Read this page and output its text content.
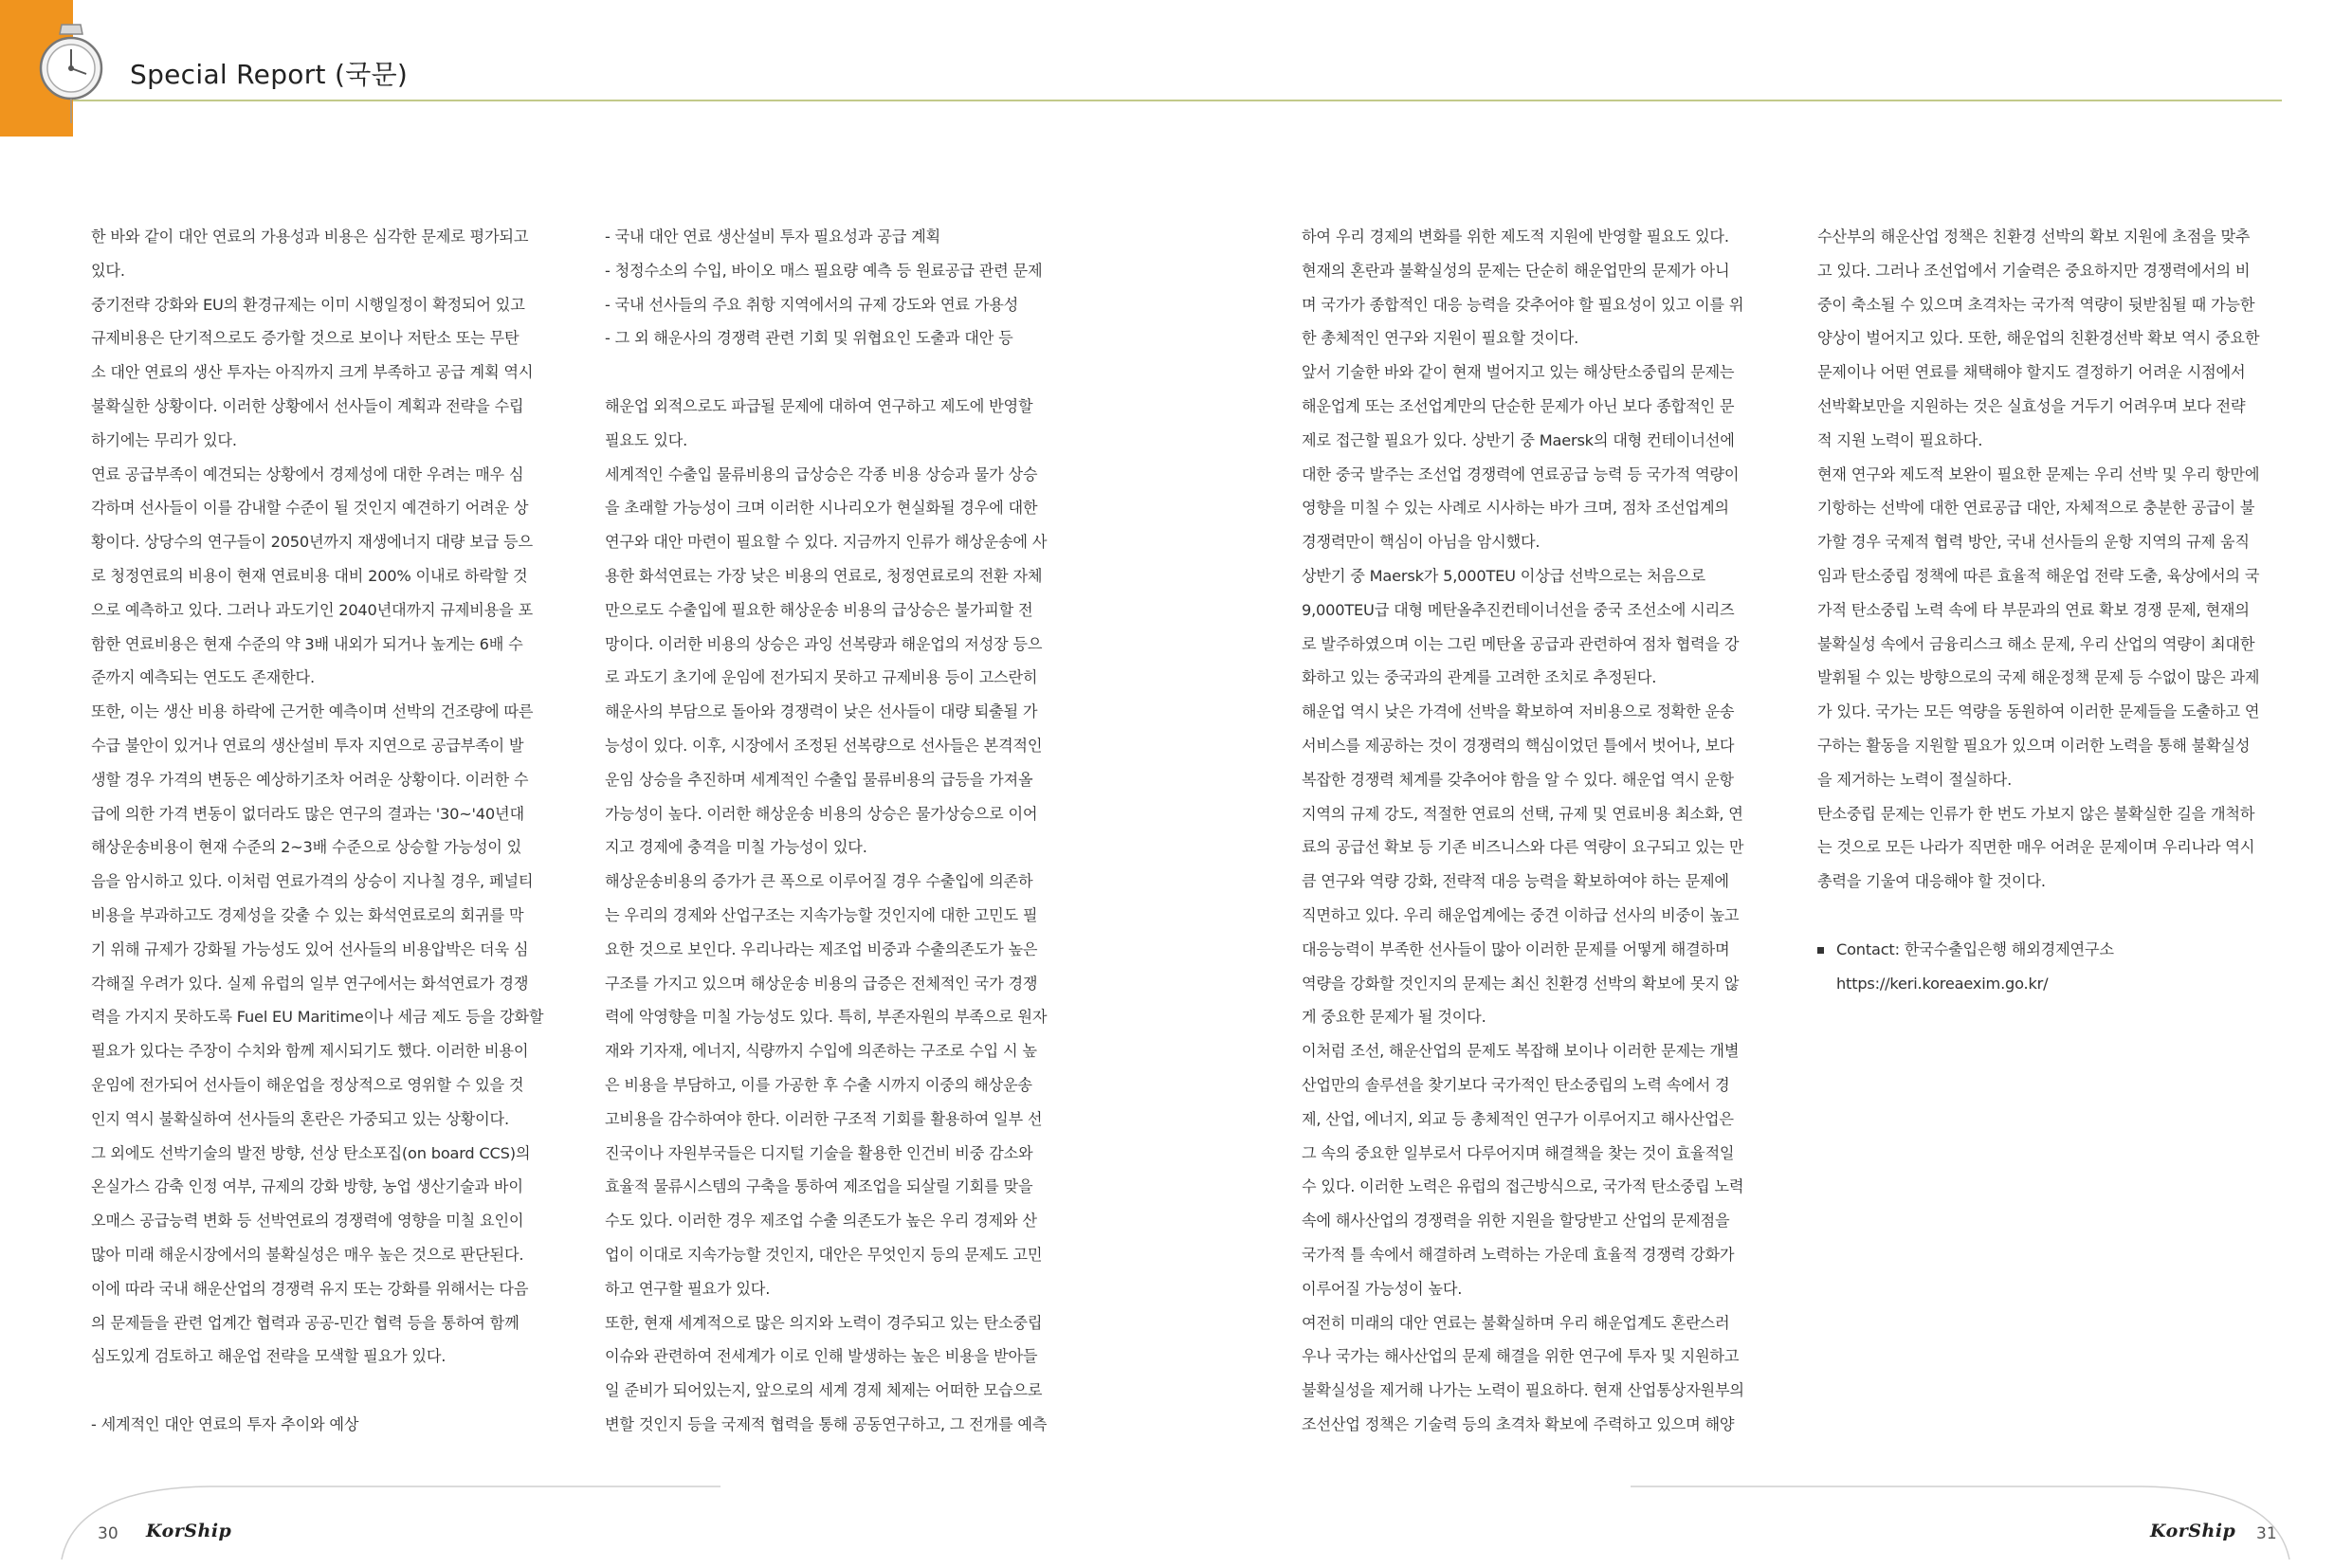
Special Report (국문)

한 바와 같이 대안 연료의 가용성과 비용은 심각한 문제로 평가되고

있다.

중기전략 강화와 EU의 환경규제는 이미 시행일정이 확정되어 있고

규제비용은 단기적으로도 증가할 것으로 보이나 저탄소 또는 무탄

소 대안 연료의 생산 투자는 아직까지 크게 부족하고 공급 계획 역시

불확실한 상황이다. 이러한 상황에서 선사들이 계획과 전략을 수립

하기에는 무리가 있다.

연료 공급부족이 예견되는 상황에서 경제성에 대한 우려는 매우 심

각하며 선사들이 이를 감내할 수준이 될 것인지 예견하기 어려운 상

황이다. 상당수의 연구들이 2050년까지 재생에너지 대량 보급 등으

로 청정연료의 비용이 현재 연료비용 대비 200% 이내로 하락할 것

으로 예측하고 있다. 그러나 과도기인 2040년대까지 규제비용을 포

함한 연료비용은 현재 수준의 약 3배 내외가 되거나 높게는 6배 수

준까지 예측되는 연도도 존재한다.

또한, 이는 생산 비용 하락에 근거한 예측이며 선박의 건조량에 따른

수급 불안이 있거나 연료의 생산설비 투자 지연으로 공급부족이 발

생할 경우 가격의 변동은 예상하기조차 어려운 상황이다. 이러한 수

급에 의한 가격 변동이 없더라도 많은 연구의 결과는 '30~'40년대

해상운송비용이 현재 수준의 2~3배 수준으로 상승할 가능성이 있

음을 암시하고 있다. 이처럼 연료가격의 상승이 지나칠 경우, 페널티

비용을 부과하고도 경제성을 갖출 수 있는 화석연료로의 회귀를 막

기 위해 규제가 강화될 가능성도 있어 선사들의 비용압박은 더욱 심

각해질 우려가 있다. 실제 유럽의 일부 연구에서는 화석연료가 경쟁

력을 가지지 못하도록 Fuel EU Maritime이나 세금 제도 등을 강화할

필요가 있다는 주장이 수치와 함께 제시되기도 했다. 이러한 비용이

운임에 전가되어 선사들이 해운업을 정상적으로 영위할 수 있을 것

인지 역시 불확실하여 선사들의 혼란은 가중되고 있는 상황이다.

그 외에도 선박기술의 발전 방향, 선상 탄소포집(on board CCS)의

온실가스 감축 인정 여부, 규제의 강화 방향, 농업 생산기술과 바이

오매스 공급능력 변화 등 선박연료의 경쟁력에 영향을 미칠 요인이

많아 미래 해운시장에서의 불확실성은 매우 높은 것으로 판단된다.

이에 따라 국내 해운산업의 경쟁력 유지 또는 강화를 위해서는 다음

의 문제들을 관련 업계간 협력과 공공-민간 협력 등을 통하여 함께

심도있게 검토하고 해운업 전략을 모색할 필요가 있다.

- 세계적인 대안 연료의 투자 추이와 예상

- 국내 대안 연료 생산설비 투자 필요성과 공급 계획

- 청정수소의 수입, 바이오 매스 필요량 예측 등 원료공급 관련 문제

- 국내 선사들의 주요 취항 지역에서의 규제 강도와 연료 가용성

- 그 외 해운사의 경쟁력 관련 기회 및 위협요인 도출과 대안 등

해운업 외적으로도 파급될 문제에 대하여 연구하고 제도에 반영할

필요도 있다.

세계적인 수출입 물류비용의 급상승은 각종 비용 상승과 물가 상승

을 초래할 가능성이 크며 이러한 시나리오가 현실화될 경우에 대한

연구와 대안 마련이 필요할 수 있다. 지금까지 인류가 해상운송에 사

용한 화석연료는 가장 낮은 비용의 연료로, 청정연료로의 전환 자체

만으로도 수출입에 필요한 해상운송 비용의 급상승은 불가피할 전

망이다. 이러한 비용의 상승은 과잉 선복량과 해운업의 저성장 등으

로 과도기 초기에 운임에 전가되지 못하고 규제비용 등이 고스란히

해운사의 부담으로 돌아와 경쟁력이 낮은 선사들이 대량 퇴출될 가

능성이 있다. 이후, 시장에서 조정된 선복량으로 선사들은 본격적인

운임 상승을 추진하며 세계적인 수출입 물류비용의 급등을 가져올

가능성이 높다. 이러한 해상운송 비용의 상승은 물가상승으로 이어

지고 경제에 충격을 미칠 가능성이 있다.

해상운송비용의 증가가 큰 폭으로 이루어질 경우 수출입에 의존하

는 우리의 경제와 산업구조는 지속가능할 것인지에 대한 고민도 필

요한 것으로 보인다. 우리나라는 제조업 비중과 수출의존도가 높은

구조를 가지고 있으며 해상운송 비용의 급증은 전체적인 국가 경쟁

력에 악영향을 미칠 가능성도 있다. 특히, 부존자원의 부족으로 원자

재와 기자재, 에너지, 식량까지 수입에 의존하는 구조로 수입 시 높

은 비용을 부담하고, 이를 가공한 후 수출 시까지 이중의 해상운송

고비용을 감수하여야 한다. 이러한 구조적 기회를 활용하여 일부 선

진국이나 자원부국들은 디지털 기술을 활용한 인건비 비중 감소와

효율적 물류시스템의 구축을 통하여 제조업을 되살릴 기회를 맞을

수도 있다. 이러한 경우 제조업 수출 의존도가 높은 우리 경제와 산

업이 이대로 지속가능할 것인지, 대안은 무엇인지 등의 문제도 고민

하고 연구할 필요가 있다.

또한, 현재 세계적으로 많은 의지와 노력이 경주되고 있는 탄소중립

이슈와 관련하여 전세계가 이로 인해 발생하는 높은 비용을 받아들

일 준비가 되어있는지, 앞으로의 세계 경제 체제는 어떠한 모습으로

변할 것인지 등을 국제적 협력을 통해 공동연구하고, 그 전개를 예측

하여 우리 경제의 변화를 위한 제도적 지원에 반영할 필요도 있다.

현재의 혼란과 불확실성의 문제는 단순히 해운업만의 문제가 아니

며 국가가 종합적인 대응 능력을 갖추어야 할 필요성이 있고 이를 위

한 총체적인 연구와 지원이 필요할 것이다.

앞서 기술한 바와 같이 현재 벌어지고 있는 해상탄소중립의 문제는

해운업계 또는 조선업계만의 단순한 문제가 아닌 보다 종합적인 문

제로 접근할 필요가 있다. 상반기 중 Maersk의 대형 컨테이너선에

대한 중국 발주는 조선업 경쟁력에 연료공급 능력 등 국가적 역량이

영향을 미칠 수 있는 사례로 시사하는 바가 크며, 점차 조선업계의

경쟁력만이 핵심이 아님을 암시했다.

상반기 중 Maersk가 5,000TEU 이상급 선박으로는 처음으로

9,000TEU급 대형 메탄올추진컨테이너선을 중국 조선소에 시리즈

로 발주하였으며 이는 그린 메탄올 공급과 관련하여 점차 협력을 강

화하고 있는 중국과의 관계를 고려한 조치로 추정된다.

해운업 역시 낮은 가격에 선박을 확보하여 저비용으로 정확한 운송

서비스를 제공하는 것이 경쟁력의 핵심이었던 틀에서 벗어나, 보다

복잡한 경쟁력 체계를 갖추어야 함을 알 수 있다. 해운업 역시 운항

지역의 규제 강도, 적절한 연료의 선택, 규제 및 연료비용 최소화, 연

료의 공급선 확보 등 기존 비즈니스와 다른 역량이 요구되고 있는 만

큼 연구와 역량 강화, 전략적 대응 능력을 확보하여야 하는 문제에

직면하고 있다. 우리 해운업계에는 중견 이하급 선사의 비중이 높고

대응능력이 부족한 선사들이 많아 이러한 문제를 어떻게 해결하며

역량을 강화할 것인지의 문제는 최신 친환경 선박의 확보에 못지 않

게 중요한 문제가 될 것이다.

이처럼 조선, 해운산업의 문제도 복잡해 보이나 이러한 문제는 개별

산업만의 솔루션을 찾기보다 국가적인 탄소중립의 노력 속에서 경

제, 산업, 에너지, 외교 등 총체적인 연구가 이루어지고 해사산업은

그 속의 중요한 일부로서 다루어지며 해결책을 찾는 것이 효율적일

수 있다. 이러한 노력은 유럽의 접근방식으로, 국가적 탄소중립 노력

속에 해사산업의 경쟁력을 위한 지원을 할당받고 산업의 문제점을

국가적 틀 속에서 해결하려 노력하는 가운데 효율적 경쟁력 강화가

이루어질 가능성이 높다.

여전히 미래의 대안 연료는 불확실하며 우리 해운업계도 혼란스러

우나 국가는 해사산업의 문제 해결을 위한 연구에 투자 및 지원하고

불확실성을 제거해 나가는 노력이 필요하다. 현재 산업통상자원부의

조선산업 정책은 기술력 등의 초격차 확보에 주력하고 있으며 해양

수산부의 해운산업 정책은 친환경 선박의 확보 지원에 초점을 맞추

고 있다. 그러나 조선업에서 기술력은 중요하지만 경쟁력에서의 비

중이 축소될 수 있으며 초격차는 국가적 역량이 뒷받침될 때 가능한

양상이 벌어지고 있다. 또한, 해운업의 친환경선박 확보 역시 중요한

문제이나 어떤 연료를 채택해야 할지도 결정하기 어려운 시점에서

선박확보만을 지원하는 것은 실효성을 거두기 어려우며 보다 전략

적 지원 노력이 필요하다.

현재 연구와 제도적 보완이 필요한 문제는 우리 선박 및 우리 항만에

기항하는 선박에 대한 연료공급 대안, 자체적으로 충분한 공급이 불

가할 경우 국제적 협력 방안, 국내 선사들의 운항 지역의 규제 움직

임과 탄소중립 정책에 따른 효율적 해운업 전략 도출, 육상에서의 국

가적 탄소중립 노력 속에 타 부문과의 연료 확보 경쟁 문제, 현재의

불확실성 속에서 금융리스크 해소 문제, 우리 산업의 역량이 최대한

발휘될 수 있는 방향으로의 국제 해운정책 문제 등 수없이 많은 과제

가 있다. 국가는 모든 역량을 동원하여 이러한 문제들을 도출하고 연

구하는 활동을 지원할 필요가 있으며 이러한 노력을 통해 불확실성

을 제거하는 노력이 절실하다.

탄소중립 문제는 인류가 한 번도 가보지 않은 불확실한 길을 개척하

는 것으로 모든 나라가 직면한 매우 어려운 문제이며 우리나라 역시

총력을 기울여 대응해야 할 것이다.

Contact: 한국수출입은행 해외경제연구소

https://keri.koreaexim.go.kr/

30 KorShip	KorShip 31
